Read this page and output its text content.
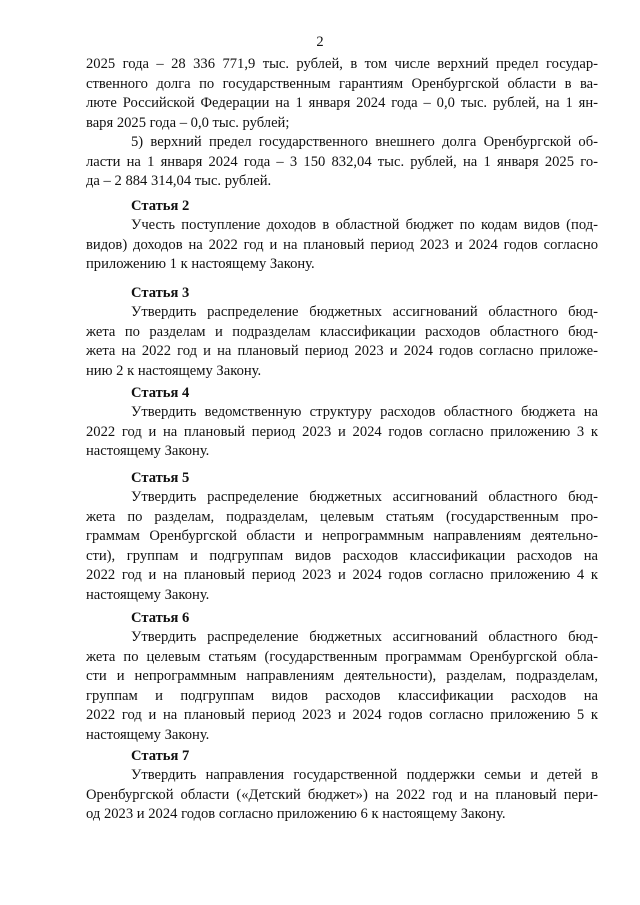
2
2025 года – 28 336 771,9 тыс. рублей, в том числе верхний предел государ-
ственного долга по государственным гарантиям Оренбургской области в ва-
люте Российской Федерации на 1 января 2024 года – 0,0 тыс. рублей, на 1 ян-
варя 2025 года – 0,0 тыс. рублей;
5) верхний предел государственного внешнего долга Оренбургской об-
ласти на 1 января 2024 года – 3 150 832,04 тыс. рублей, на 1 января 2025 го-
да – 2 884 314,04 тыс. рублей.
Статья 2
Учесть поступление доходов в областной бюджет по кодам видов (под-
видов) доходов на 2022 год и на плановый период 2023 и 2024 годов согласно
приложению 1 к настоящему Закону.
Статья 3
Утвердить распределение бюджетных ассигнований областного бюд-
жета по разделам и подразделам классификации расходов областного бюд-
жета на 2022 год и на плановый период 2023 и 2024 годов согласно приложе-
нию 2 к настоящему Закону.
Статья 4
Утвердить ведомственную структуру расходов областного бюджета на
2022 год и на плановый период 2023 и 2024 годов согласно приложению 3 к
настоящему Закону.
Статья 5
Утвердить распределение бюджетных ассигнований областного бюд-
жета по разделам, подразделам, целевым статьям (государственным про-
граммам Оренбургской области и непрограммным направлениям деятельно-
сти), группам и подгруппам видов расходов классификации расходов на
2022 год и на плановый период 2023 и 2024 годов согласно приложению 4 к
настоящему Закону.
Статья 6
Утвердить распределение бюджетных ассигнований областного бюд-
жета по целевым статьям (государственным программам Оренбургской обла-
сти и непрограммным направлениям деятельности), разделам, подразделам,
группам и подгруппам видов расходов классификации расходов на
2022 год и на плановый период 2023 и 2024 годов согласно приложению 5 к
настоящему Закону.
Статья 7
Утвердить направления государственной поддержки семьи и детей в
Оренбургской области («Детский бюджет») на 2022 год и на плановый пери-
од 2023 и 2024 годов согласно приложению 6 к настоящему Закону.
